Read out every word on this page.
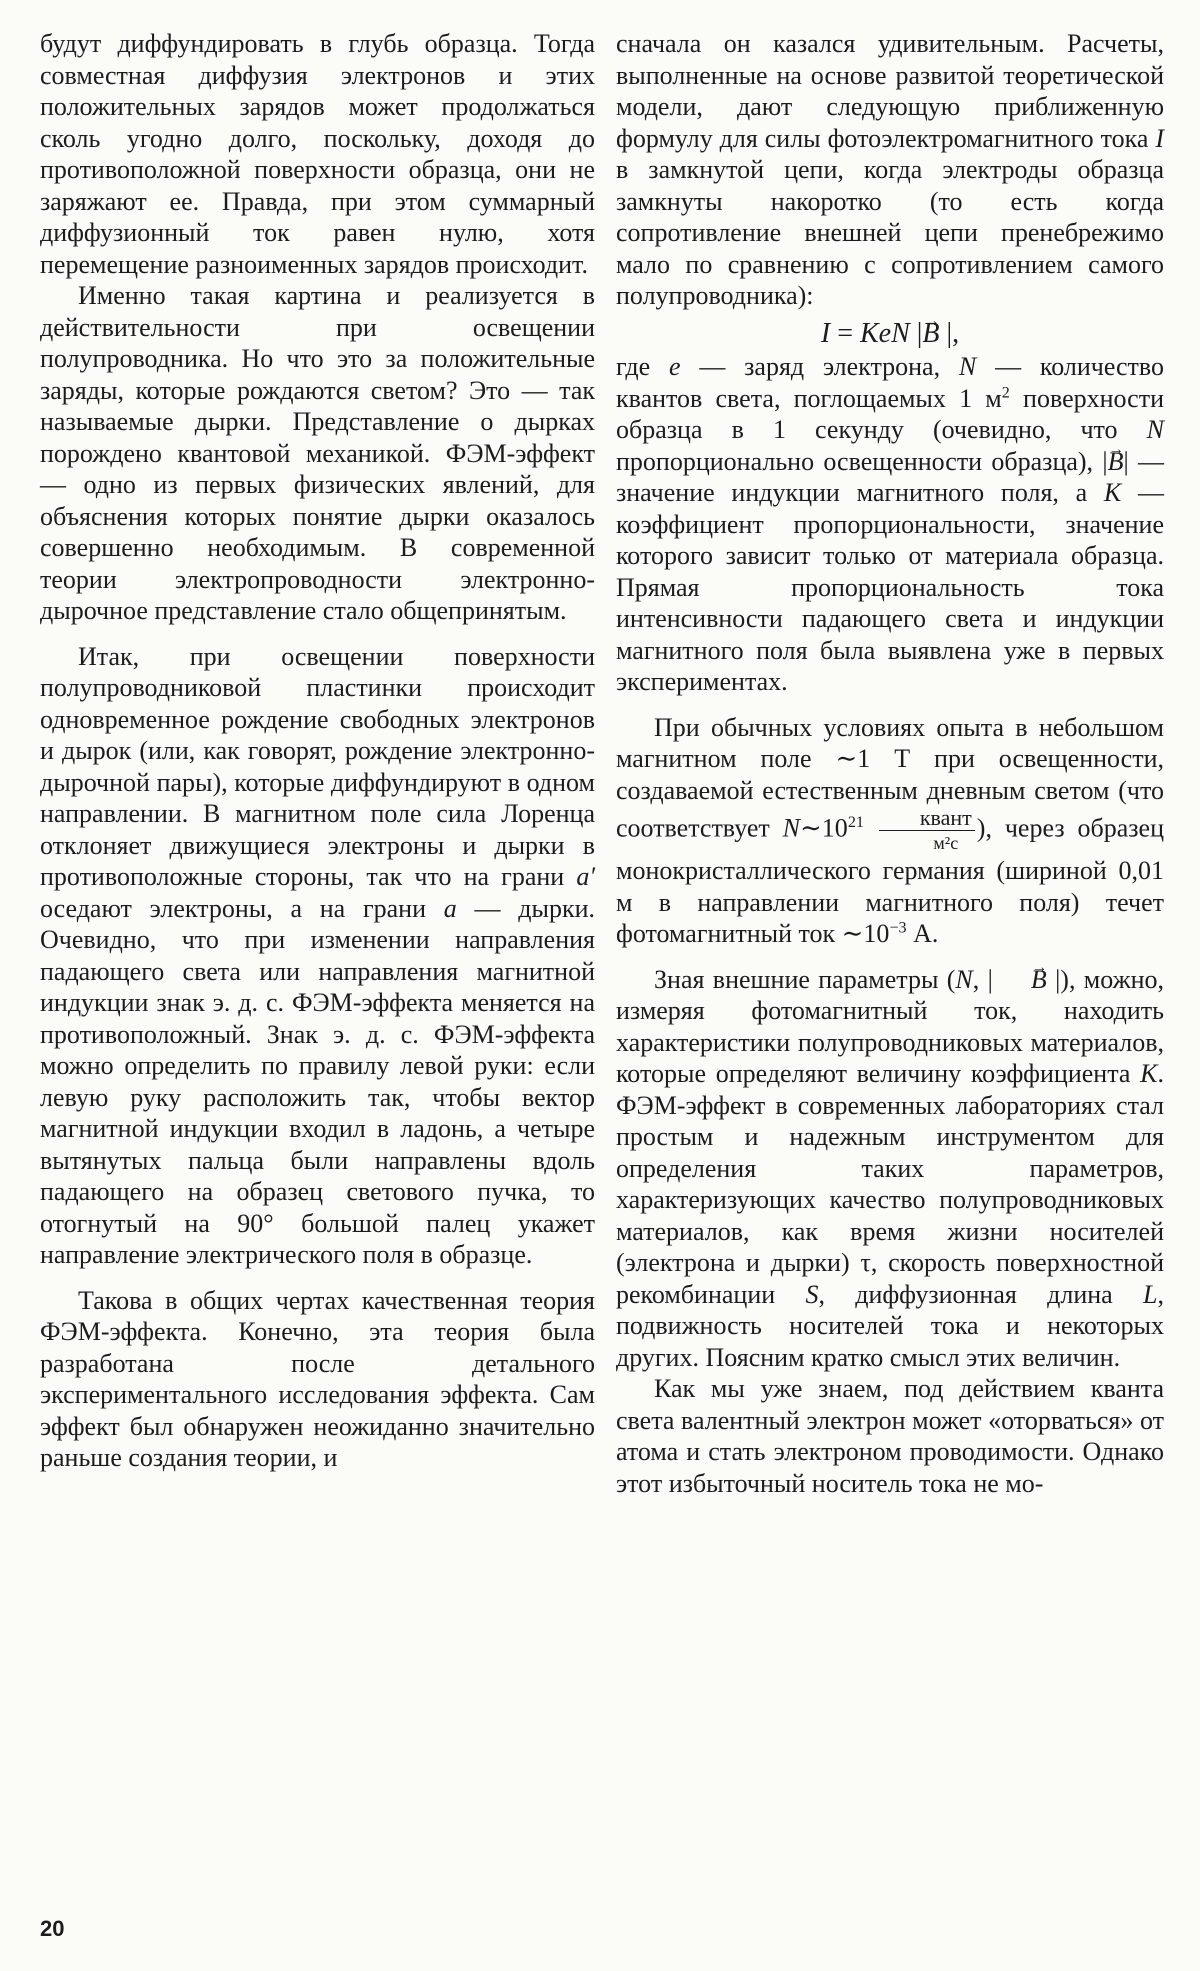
будут диффундировать в глубь образца. Тогда совместная диффузия электронов и этих положительных зарядов может продолжаться сколь угодно долго, поскольку, доходя до противоположной поверхности образца, они не заряжают ее. Правда, при этом суммарный диффузионный ток равен нулю, хотя перемещение разноименных зарядов происходит.

Именно такая картина и реализуется в действительности при освещении полупроводника. Но что это за положительные заряды, которые рождаются светом? Это — так называемые дырки. Представление о дырках порождено квантовой механикой. ФЭМ-эффект — одно из первых физических явлений, для объяснения которых понятие дырки оказалось совершенно необходимым. В современной теории электропроводности электронно-дырочное представление стало общепринятым.

Итак, при освещении поверхности полупроводниковой пластинки происходит одновременное рождение свободных электронов и дырок (или, как говорят, рождение электронно-дырочной пары), которые диффундируют в одном направлении. В магнитном поле сила Лоренца отклоняет движущиеся электроны и дырки в противоположные стороны, так что на грани a′ оседают электроны, а на грани a — дырки. Очевидно, что при изменении направления падающего света или направления магнитной индукции знак э. д. с. ФЭМ-эффекта меняется на противоположный. Знак э. д. с. ФЭМ-эффекта можно определить по правилу левой руки: если левую руку расположить так, чтобы вектор магнитной индукции входил в ладонь, а четыре вытянутых пальца были направлены вдоль падающего на образец светового пучка, то отогнутый на 90° большой палец укажет направление электрического поля в образце.

Такова в общих чертах качественная теория ФЭМ-эффекта. Конечно, эта теория была разработана после детального экспериментального исследования эффекта. Сам эффект был обнаружен неожиданно значительно раньше создания теории, и

сначала он казался удивительным. Расчеты, выполненные на основе развитой теоретической модели, дают следующую приближенную формулу для силы фотоэлектромагнитного тока I в замкнутой цепи, когда электроды образца замкнуты накоротко (то есть когда сопротивление внешней цепи пренебрежимо мало по сравнению с сопротивлением самого полупроводника):

I = KeN |→ B |,

где e — заряд электрона, N — количество квантов света, поглощаемых 1 $м^2$ поверхности образца в 1 секунду (очевидно, что N пропорционально освещенности образца), |→ B| — значение индукции магнитного поля, а K — коэффициент пропорциональности, значение которого зависит только от материала образца. Прямая пропорциональность тока интенсивности падающего света и индукции магнитного поля была выявлена уже в первых экспериментах.

При обычных условиях опыта в небольшом магнитном поле ∼1 Т при освещенности, создаваемой естественным дневным светом (что соответствует $N\sim 10^{21} \frac{\text{квант}}{\text{м²с}}$ ), через образец монокристаллического германия (шириной 0,01 м в направлении магнитного поля) течет фотомагнитный ток $\sim 10^{-3}$ А.

Зная внешние параметры (N, | → B |), можно, измеряя фотомагнитный ток, находить характеристики полупроводниковых материалов, которые определяют величину коэффициента K. ФЭМ-эффект в современных лабораториях стал простым и надежным инструментом для определения таких параметров, характеризующих качество полупроводниковых материалов, как время жизни носителей (электрона и дырки) τ, скорость поверхностной рекомбинации S, диффузионная длина L, подвижность носителей тока и некоторых других. Поясним кратко смысл этих величин.

Как мы уже знаем, под действием кванта света валентный электрон может «оторваться» от атома и стать электроном проводимости. Однако этот избыточный носитель тока не мо-

20
